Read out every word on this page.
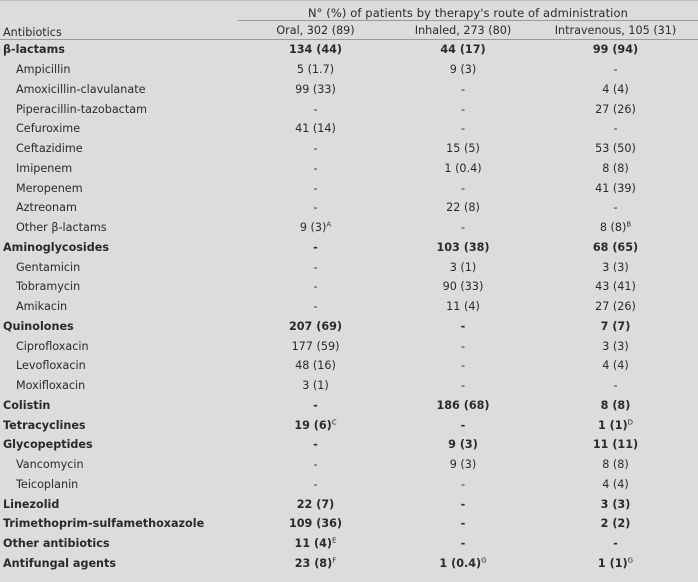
Antibiotics	N° (%) of patients by therapy's route of administration		
	Oral, 302 (89)	Inhaled, 273 (80)	Intravenous, 105 (31)
β-lactams	134 (44)	44 (17)	99 (94)
Ampicillin	5 (1.7)	9 (3)	-
Amoxicillin-clavulanate	99 (33)	-	4 (4)
Piperacillin-tazobactam	-	-	27 (26)
Cefuroxime	41 (14)	-	-
Ceftazidime	-	15 (5)	53 (50)
Imipenem	-	1 (0.4)	8 (8)
Meropenem	-	-	41 (39)
Aztreonam	-	22 (8)	-
Other β-lactams	9 $(3)^A$	-	8 $(8)^B$
Aminoglycosides	-	103 (38)	68 (65)
Gentamicin	-	3 (1)	3 (3)
Tobramycin	-	90 (33)	43 (41)
Amikacin	-	11 (4)	27 (26)
Quinolones	207 (69)	-	7 (7)
Ciprofloxacin	177 (59)	-	3 (3)
Levofloxacin	48 (16)	-	4 (4)
Moxifloxacin	3 (1)	-	-
Colistin	-	186 (68)	8 (8)
Tetracyclines	19 $(6)^C$	-	1 $(1)^D$
Glycopeptides	-	9 (3)	11 (11)
Vancomycin	-	9 (3)	8 (8)
Teicoplanin	-	-	4 (4)
Linezolid	22 (7)	-	3 (3)
Trimethoprim-sulfamethoxazole	109 (36)	-	2 (2)
Other antibiotics	11 $(4)^E$	-	-
Antifungal agents	23 $(8)^F$	1 $(0.4)^G$	1 $(1)^G$
